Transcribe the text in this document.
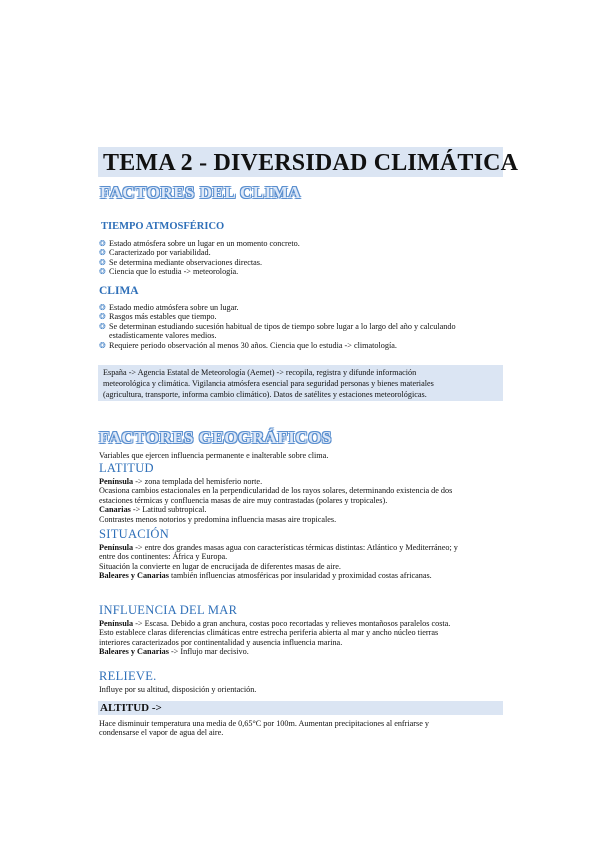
TEMA 2 - DIVERSIDAD CLIMÁTICA
FACTORES DEL CLIMA
TIEMPO ATMOSFÉRICO
❂ Estado atmósfera sobre un lugar en un momento concreto.
❂ Caracterizado por variabilidad.
❂ Se determina mediante observaciones directas.
❂ Ciencia que lo estudia -> meteorología.
CLIMA
❂ Estado medio atmósfera sobre un lugar.
❂ Rasgos más estables que tiempo.
❂ Se determinan estudiando sucesión habitual de tipos de tiempo sobre lugar a lo largo del año y calculando
estadísticamente valores medios.
❂ Requiere periodo observación al menos 30 años. Ciencia que lo estudia -> climatología.
España -> Agencia Estatal de Meteorología (Aemet) -> recopila, registra y difunde información
meteorológica y climática. Vigilancia atmósfera esencial para seguridad personas y bienes materiales
(agricultura, transporte, informa cambio climático). Datos de satélites y estaciones meteorológicas.
FACTORES GEOGRÁFICOS
Variables que ejercen influencia permanente e inalterable sobre clima.
LATITUD
Península -> zona templada del hemisferio norte.
Ocasiona cambios estacionales en la perpendicularidad de los rayos solares, determinando existencia de dos
estaciones térmicas y confluencia masas de aire muy contrastadas (polares y tropicales).
Canarias -> Latitud subtropical.
Contrastes menos notorios y predomina influencia masas aire tropicales.
SITUACIÓN
Península -> entre dos grandes masas agua con características térmicas distintas: Atlántico y Mediterráneo; y
entre dos continentes: África y Europa.
Situación la convierte en lugar de encrucijada de diferentes masas de aire.
Baleares y Canarias también influencias atmosféricas por insularidad y proximidad costas africanas.
INFLUENCIA DEL MAR
Península -> Escasa. Debido a gran anchura, costas poco recortadas y relieves montañosos paralelos costa.
Esto establece claras diferencias climáticas entre estrecha periferia abierta al mar y ancho núcleo tierras
interiores caracterizados por continentalidad y ausencia influencia marina.
Baleares y Canarias -> Influjo mar decisivo.
RELIEVE.
Influye por su altitud, disposición y orientación.
ALTITUD ->
Hace disminuir temperatura una media de 0,65°C por 100m. Aumentan precipitaciones al enfriarse y
condensarse el vapor de agua del aire.
